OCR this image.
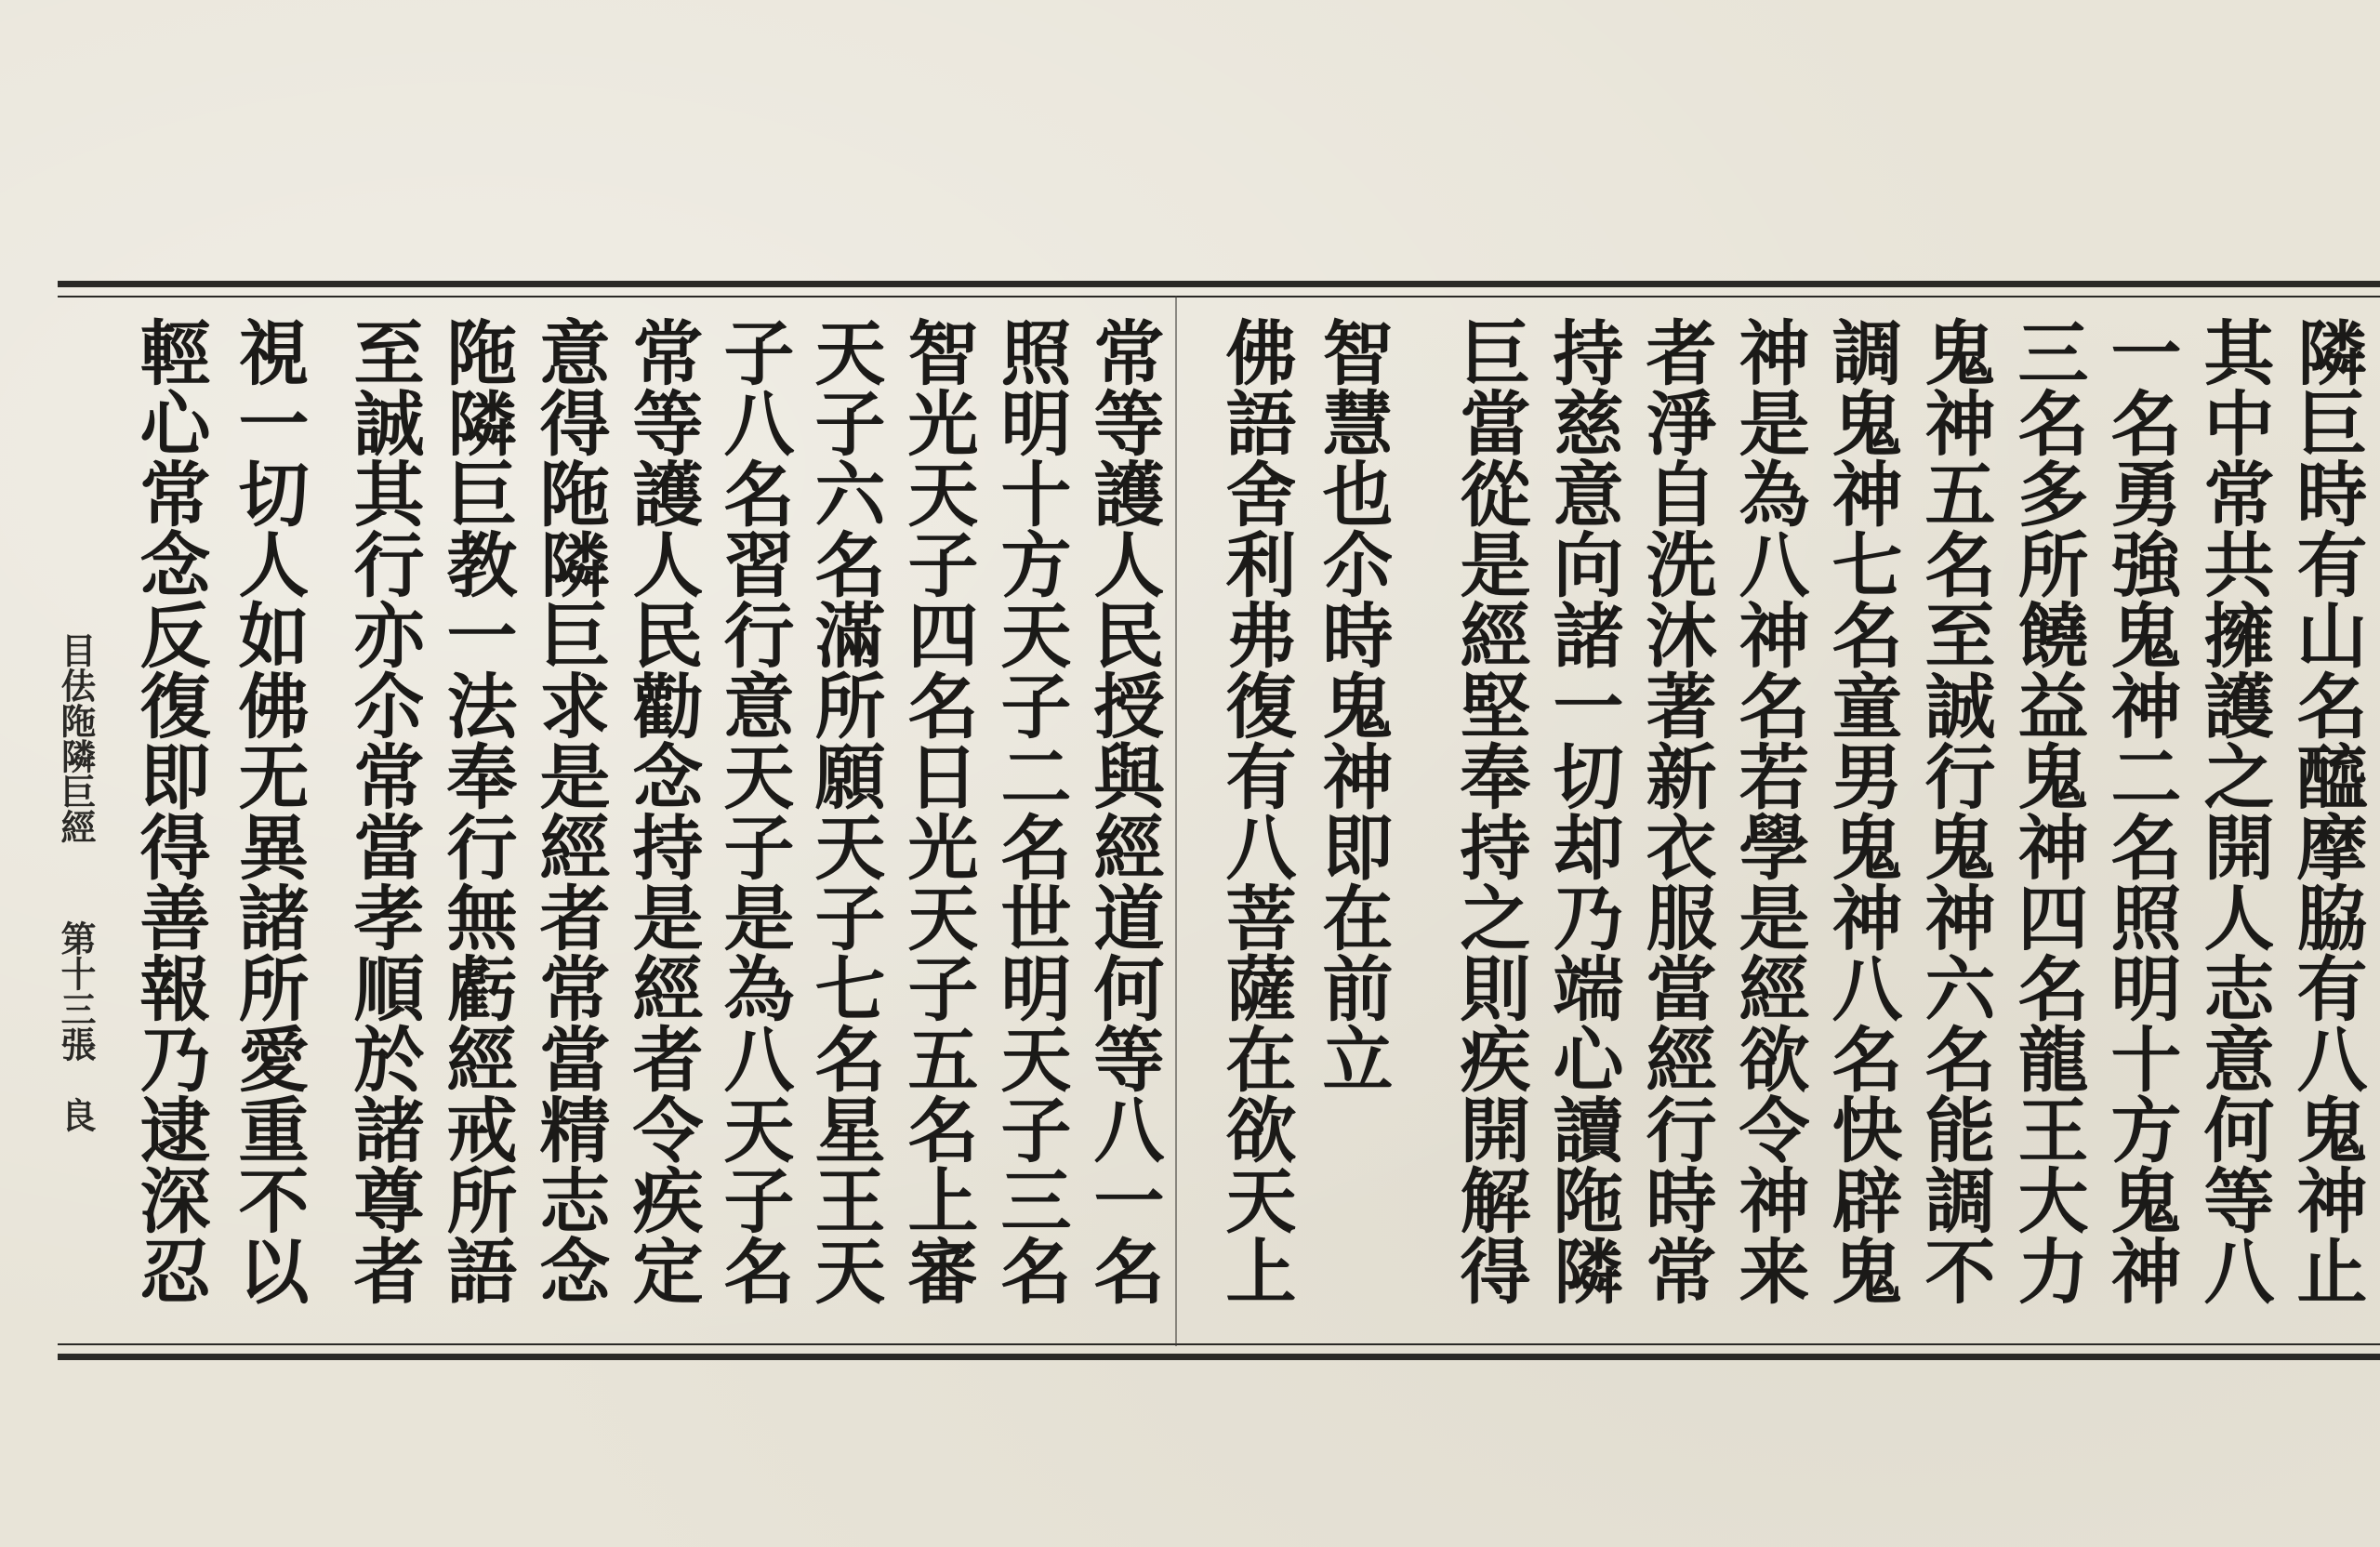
隣巨時有山名醯摩脇有八鬼神止
其中常共擁護之開人志意何等八
一名勇強鬼神二名照明十方鬼神
三名多所饒益鬼神四名龍王大力
鬼神五名至誠行鬼神六名能調不
調鬼神七名童男鬼神八名快辟鬼
神是為八神名若學是經欲令神来
者淨自洗沐著新衣服當經行時常
持慈意向諸一切却乃端心讀陁隣
巨當從是經堅奉持之則疾開解得
智慧也尒時鬼神即在前立
佛語舍利弗復有八菩薩在欲天上
常等護人民授與經道何等八一名
照明十方天子二名世明天子三名
智光天子四名日光天子五名上審
天子六名滿所願天子七名星王天
子八名習行意天子是為八天子名
常等護人民勸念持是經者令疾定
意得陁隣巨求是經者常當精志念
陁隣巨教一法奉行無虧經戒所語
至誠其行亦尒常當孝順於諸尊者
視一切人如佛无異諸所愛重不以
輕心常念反復即得善報乃逮深忍
目佉陁隣巨經
第十三張　良
